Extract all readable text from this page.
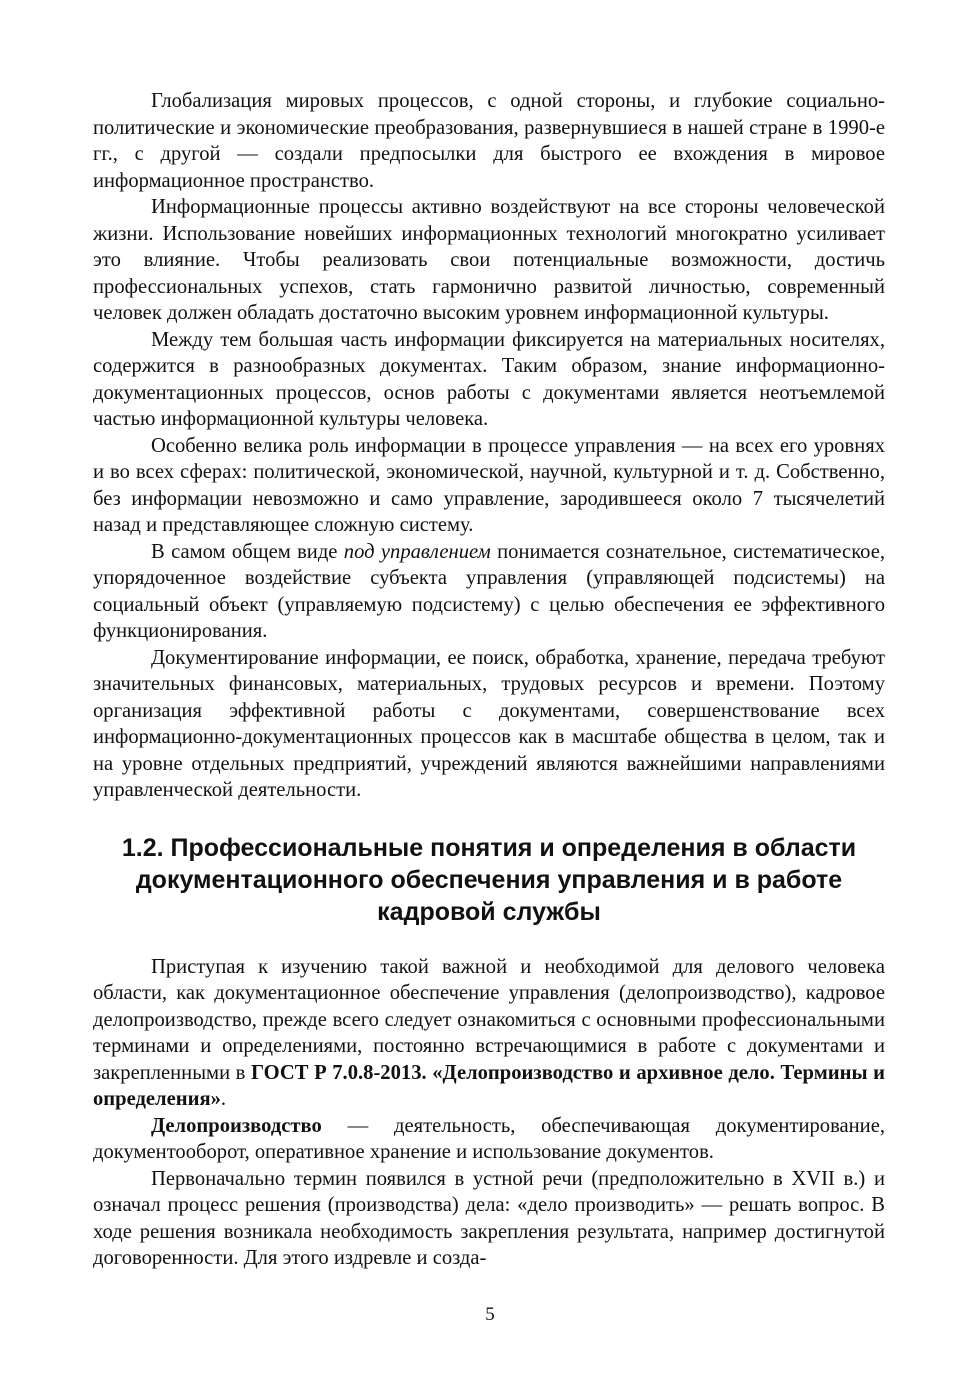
Глобализация мировых процессов, с одной стороны, и глубокие социально-политические и экономические преобразования, развернувшиеся в нашей стране в 1990-е гг., с другой — создали предпосылки для быстрого ее вхождения в мировое информационное пространство.

Информационные процессы активно воздействуют на все стороны человеческой жизни. Использование новейших информационных технологий многократно усиливает это влияние. Чтобы реализовать свои потенциальные возможности, достичь профессиональных успехов, стать гармонично развитой личностью, современный человек должен обладать достаточно высоким уровнем информационной культуры.

Между тем большая часть информации фиксируется на материальных носителях, содержится в разнообразных документах. Таким образом, знание информационно-документационных процессов, основ работы с документами является неотъемлемой частью информационной культуры человека.

Особенно велика роль информации в процессе управления — на всех его уровнях и во всех сферах: политической, экономической, научной, культурной и т. д. Собственно, без информации невозможно и само управление, зародившееся около 7 тысячелетий назад и представляющее сложную систему.

В самом общем виде под управлением понимается сознательное, систематическое, упорядоченное воздействие субъекта управления (управляющей подсистемы) на социальный объект (управляемую подсистему) с целью обеспечения ее эффективного функционирования.

Документирование информации, ее поиск, обработка, хранение, передача требуют значительных финансовых, материальных, трудовых ресурсов и времени. Поэтому организация эффективной работы с документами, совершенствование всех информационно-документационных процессов как в масштабе общества в целом, так и на уровне отдельных предприятий, учреждений являются важнейшими направлениями управленческой деятельности.

1.2. Профессиональные понятия и определения в области
документационного обеспечения управления и в работе
кадровой службы

Приступая к изучению такой важной и необходимой для делового человека области, как документационное обеспечение управления (делопроизводство), кадровое делопроизводство, прежде всего следует ознакомиться с основными профессиональными терминами и определениями, постоянно встречающимися в работе с документами и закрепленными в ГОСТ Р 7.0.8-2013. «Делопроизводство и архивное дело. Термины и определения».

Делопроизводство — деятельность, обеспечивающая документирование, документооборот, оперативное хранение и использование документов.

Первоначально термин появился в устной речи (предположительно в XVII в.) и означал процесс решения (производства) дела: «дело производить» — решать вопрос. В ходе решения возникала необходимость закрепления результата, например достигнутой договоренности. Для этого издревле и созда-

5
